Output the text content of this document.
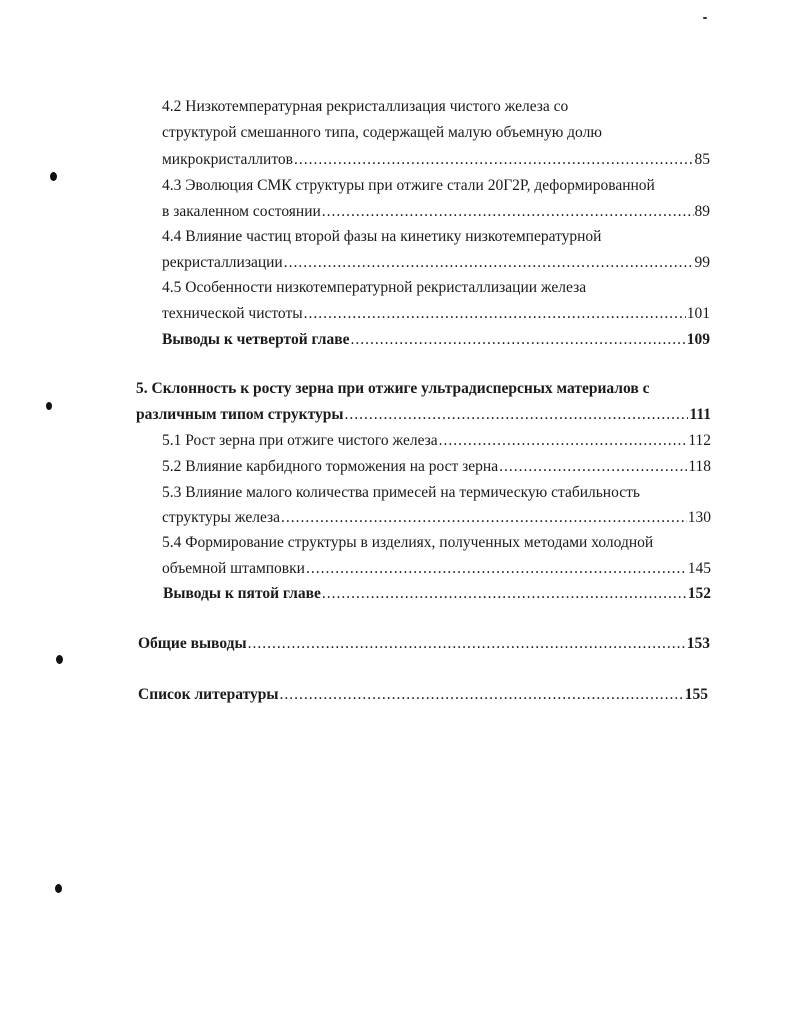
4.2 Низкотемпературная рекристаллизация чистого железа со
структурой смешанного типа, содержащей малую объемную долю
микрокристаллитов .....	85
4.3 Эволюция СМК структуры при отжиге стали 20Г2Р, деформированной
в закаленном состоянии .....	89
4.4 Влияние частиц второй фазы на кинетику низкотемпературной
рекристаллизации .....	99
4.5 Особенности низкотемпературной рекристаллизации железа
технической чистоты .....	101
Выводы к четвертой главе .....	109
5. Склонность к росту зерна при отжиге ультрадисперсных материалов с
различным типом структуры .....	111
5.1 Рост зерна при отжиге чистого железа .....	112
5.2 Влияние карбидного торможения на рост зерна .....	118
5.3 Влияние малого количества примесей на термическую стабильность
структуры железа .....	130
5.4 Формирование структуры в изделиях, полученных методами холодной
объемной штамповки .....	145
Выводы к пятой главе .....	152
Общие выводы .....	153
Список литературы .....	155
